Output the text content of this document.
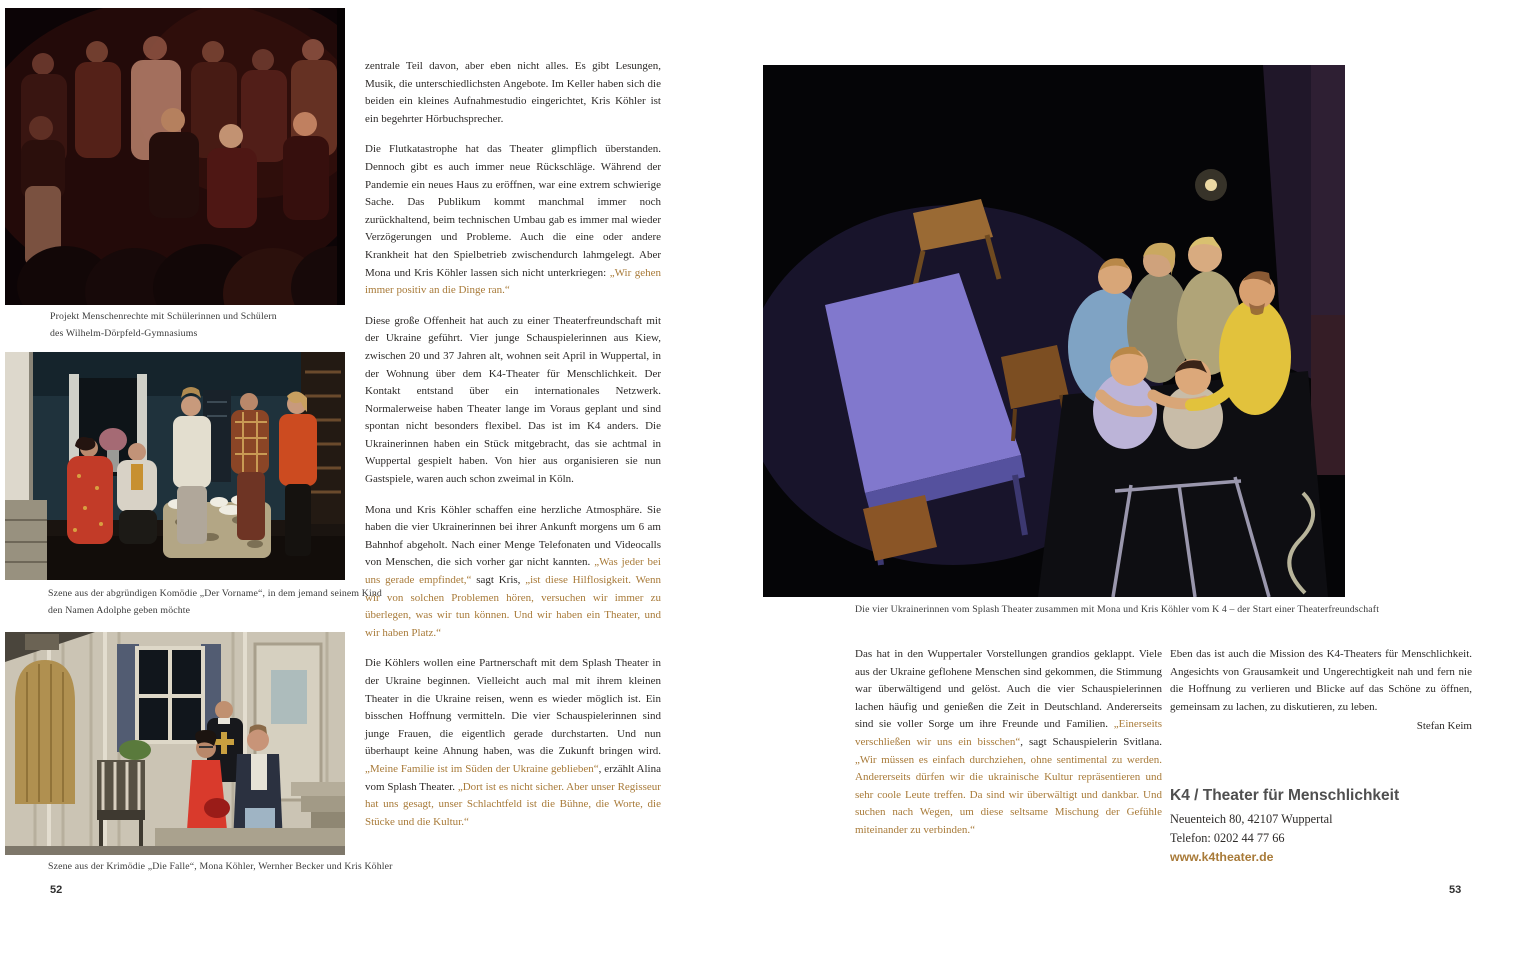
Projekt Menschenrechte mit Schülerinnen und Schülern
des Wilhelm-Dörpfeld-Gymnasiums
Szene aus der abgründigen Komödie „Der Vorname“, in dem jemand seinem Kind
den Namen Adolphe geben möchte
Szene aus der Krimödie „Die Falle“, Mona Köhler, Wernher Becker und Kris Köhler
52

zentrale Teil davon, aber eben nicht alles. Es gibt Lesungen, Musik, die unterschiedlichsten Angebote. Im Keller haben sich die beiden ein kleines Aufnahmestudio eingerichtet, Kris Köhler ist ein begehrter Hörbuchsprecher.

Die Flutkatastrophe hat das Theater glimpflich überstanden. Dennoch gibt es auch immer neue Rückschläge. Während der Pandemie ein neues Haus zu eröffnen, war eine extrem schwierige Sache. Das Publikum kommt manchmal immer noch zurückhaltend, beim technischen Umbau gab es immer mal wieder Verzögerungen und Probleme. Auch die eine oder andere Krankheit hat den Spielbetrieb zwischendurch lahmgelegt. Aber Mona und Kris Köhler lassen sich nicht unterkriegen: „Wir gehen immer positiv an die Dinge ran.“

Diese große Offenheit hat auch zu einer Theaterfreundschaft mit der Ukraine geführt. Vier junge Schauspielerinnen aus Kiew, zwischen 20 und 37 Jahren alt, wohnen seit April in Wuppertal, in der Wohnung über dem K4-Theater für Menschlichkeit. Der Kontakt entstand über ein internationales Netzwerk. Normalerweise haben Theater lange im Voraus geplant und sind spontan nicht besonders flexibel. Das ist im K4 anders. Die Ukrainerinnen haben ein Stück mitgebracht, das sie achtmal in Wuppertal gespielt haben. Von hier aus organisieren sie nun Gastspiele, waren auch schon zweimal in Köln.

Mona und Kris Köhler schaffen eine herzliche Atmosphäre. Sie haben die vier Ukrainerinnen bei ihrer Ankunft morgens um 6 am Bahnhof abgeholt. Nach einer Menge Telefonaten und Videocalls von Menschen, die sich vorher gar nicht kannten. „Was jeder bei uns gerade empfindet,“ sagt Kris, „ist diese Hilflosigkeit. Wenn wir von solchen Problemen hören, versuchen wir immer zu überlegen, was wir tun können. Und wir haben ein Theater, und wir haben Platz.“

Die Köhlers wollen eine Partnerschaft mit dem Splash Theater in der Ukraine beginnen. Vielleicht auch mal mit ihrem kleinen Theater in die Ukraine reisen, wenn es wieder möglich ist. Ein bisschen Hoffnung vermitteln. Die vier Schauspielerinnen sind junge Frauen, die eigentlich gerade durchstarten. Und nun überhaupt keine Ahnung haben, was die Zukunft bringen wird. „Meine Familie ist im Süden der Ukraine geblieben“, erzählt Alina vom Splash Theater. „Dort ist es nicht sicher. Aber unser Regisseur hat uns gesagt, unser Schlachtfeld ist die Bühne, die Worte, die Stücke und die Kultur.“

Die vier Ukrainerinnen vom Splash Theater zusammen mit Mona und Kris Köhler vom K 4 – der Start einer Theaterfreundschaft

Das hat in den Wuppertaler Vorstellungen grandios geklappt. Viele aus der Ukraine geflohene Menschen sind gekommen, die Stimmung war überwältigend und gelöst. Auch die vier Schauspielerinnen lachen häufig und genießen die Zeit in Deutschland. Andererseits sind sie voller Sorge um ihre Freunde und Familien. „Einerseits verschließen wir uns ein bisschen“, sagt Schauspielerin Svitlana. „Wir müssen es einfach durchziehen, ohne sentimental zu werden. Andererseits dürfen wir die ukrainische Kultur repräsentieren und sehr coole Leute treffen. Da sind wir überwältigt und dankbar. Und suchen nach Wegen, um diese seltsame Mischung der Gefühle miteinander zu verbinden.“

Eben das ist auch die Mission des K4-Theaters für Menschlichkeit. Angesichts von Grausamkeit und Ungerechtigkeit nah und fern nie die Hoffnung zu verlieren und Blicke auf das Schöne zu öffnen, gemeinsam zu lachen, zu diskutieren, zu leben.

Stefan Keim

K4 / Theater für Menschlichkeit

Neuenteich 80, 42107 Wuppertal

Telefon: 0202 44 77 66

www.k4theater.de

53
